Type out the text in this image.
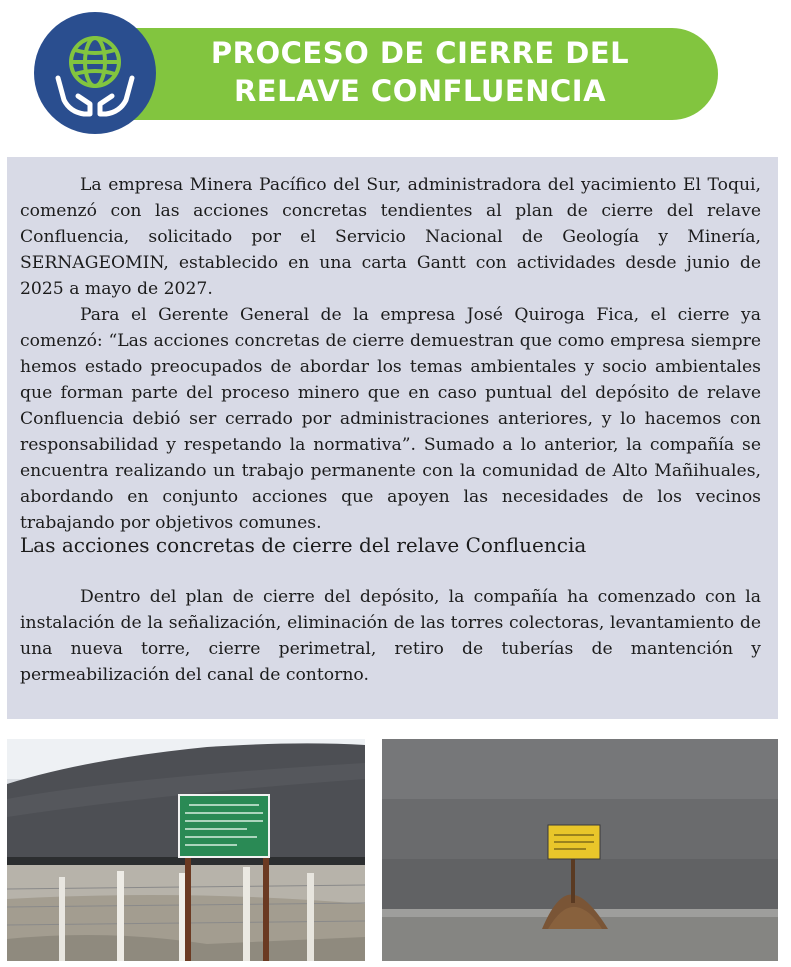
PROCESO DE CIERRE DEL
RELAVE CONFLUENCIA

La empresa Minera Pacífico del Sur, administradora del yacimiento El Toqui, comenzó con las acciones concretas tendientes al plan de cierre del relave Confluencia, solicitado por el Servicio Nacional de Geología y Minería, SERNAGEOMIN, establecido en una carta Gantt con actividades desde junio de 2025 a mayo de 2027.

Para el Gerente General de la empresa José Quiroga Fica, el cierre ya comenzó: “Las acciones concretas de cierre demuestran que como empresa siempre hemos estado preocupados de abordar los temas ambientales y socio ambientales que forman parte del proceso minero que en caso puntual del depósito de relave Confluencia debió ser cerrado por administraciones anteriores, y lo hacemos con responsabilidad y respetando la normativa”. Sumado a lo anterior, la compañía se encuentra realizando un trabajo permanente con la comunidad de Alto Mañihuales, abordando en conjunto acciones que apoyen las necesidades de los vecinos trabajando por objetivos comunes.

Las acciones concretas de cierre del relave Confluencia

Dentro del plan de cierre del depósito, la compañía ha comenzado con la instalación de la señalización, eliminación de las torres colectoras, levantamiento de una nueva torre, cierre perimetral, retiro de tuberías de mantención y permeabilización del canal de contorno.
